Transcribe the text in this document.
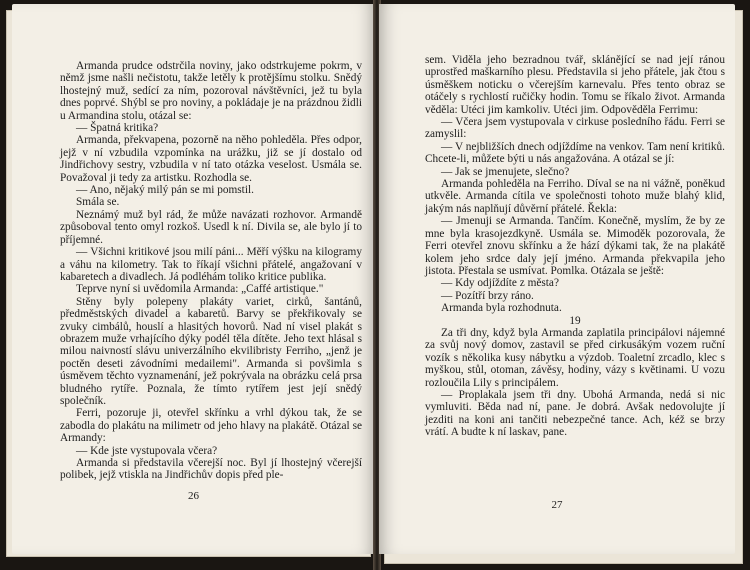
Armanda prudce odstrčila noviny, jako odstrkujeme pokrm, v němž jsme našli nečistotu, takže letěly k protějšímu stolku. Snědý lhostejný muž, sedící za ním, pozoroval návštěvníci, jež tu byla dnes poprvé. Shýbl se pro noviny, a pokládaje je na prázdnou židli u Armandina stolu, otázal se:

— Špatná kritika?

Armanda, překvapena, pozorně na něho pohleděla. Přes odpor, jejž v ní vzbudila vzpomínka na urážku, již se jí dostalo od Jindřichovy sestry, vzbudila v ní tato otázka veselost. Usmála se. Považoval ji tedy za artistku. Rozhodla se.

— Ano, nějaký milý pán se mi pomstil.

Smála se.

Neznámý muž byl rád, že může navázati rozhovor. Armandě způsoboval tento omyl rozkoš. Usedl k ní. Divila se, ale bylo jí to příjemné.

— Všichni kritikové jsou milí páni... Měří výšku na kilogramy a váhu na kilometry. Tak to říkají všichni přátelé, angažovaní v kabaretech a divadlech. Já podléhám toliko kritice publika.

Teprve nyní si uvědomila Armanda: „Caffé artistique."

Stěny byly polepeny plakáty variet, cirků, šantánů, předměstských divadel a kabaretů. Barvy se překřikovaly se zvuky cimbálů, houslí a hlasitých hovorů. Nad ní visel plakát s obrazem muže vrhajícího dýky podél těla dítěte. Jeho text hlásal s milou naivností slávu univerzálního ekvilibristy Ferriho, „jenž je poctěn deseti závodními medailemi". Armanda si povšimla s úsměvem těchto vyznamenání, jež pokrývala na obrázku celá prsa bludného rytíře. Poznala, že tímto rytířem jest její snědý společník.

Ferri, pozoruje ji, otevřel skřínku a vrhl dýkou tak, že se zabodla do plakátu na milimetr od jeho hlavy na plakátě. Otázal se Armandy:

— Kde jste vystupovala včera?

Armanda si představila včerejší noc. Byl jí lhostejný včerejší polibek, jejž vtiskla na Jindřichův dopis před ple-

26

sem. Viděla jeho bezradnou tvář, sklánějící se nad její ránou uprostřed maškarního plesu. Představila si jeho přátele, jak čtou s úsměškem noticku o včerejším karnevalu. Přes tento obraz se otáčely s rychlostí ručičky hodin. Tomu se říkalo život. Armanda věděla: Utéci jim kamkoliv. Utéci jim. Odpověděla Ferrimu:

— Včera jsem vystupovala v cirkuse posledního řádu. Ferri se zamyslil:

— V nejbližších dnech odjíždíme na venkov. Tam není kritiků. Chcete-li, můžete býti u nás angažována. A otázal se jí:

— Jak se jmenujete, slečno?

Armanda pohleděla na Ferriho. Díval se na ni vážně, poněkud utkvěle. Armanda cítila ve společnosti tohoto muže blahý klid, jakým nás naplňují důvěrní přátelé. Řekla:

— Jmenuji se Armanda. Tančím. Konečně, myslím, že by ze mne byla krasojezdkyně. Usmála se. Mimoděk pozorovala, že Ferri otevřel znovu skřínku a že hází dýkami tak, že na plakátě kolem jeho srdce daly její jméno. Armanda překvapila jeho jistota. Přestala se usmívat. Pomlka. Otázala se ještě:

— Kdy odjíždíte z města?

— Pozítří brzy ráno.

Armanda byla rozhodnuta.

19

Za tři dny, když byla Armanda zaplatila principálovi nájemné za svůj nový domov, zastavil se před cirkusákým vozem ruční vozík s několika kusy nábytku a výzdob. Toaletní zrcadlo, klec s myškou, stůl, otoman, závěsy, hodiny, vázy s květinami. U vozu rozloučila Lily s principálem.

— Proplakala jsem tři dny. Ubohá Armanda, nedá si nic vymluviti. Běda nad ní, pane. Je dobrá. Avšak nedovolujte jí jezditi na koni ani tančiti nebezpečné tance. Ach, kéž se brzy vrátí. A budte k ní laskav, pane.

27
